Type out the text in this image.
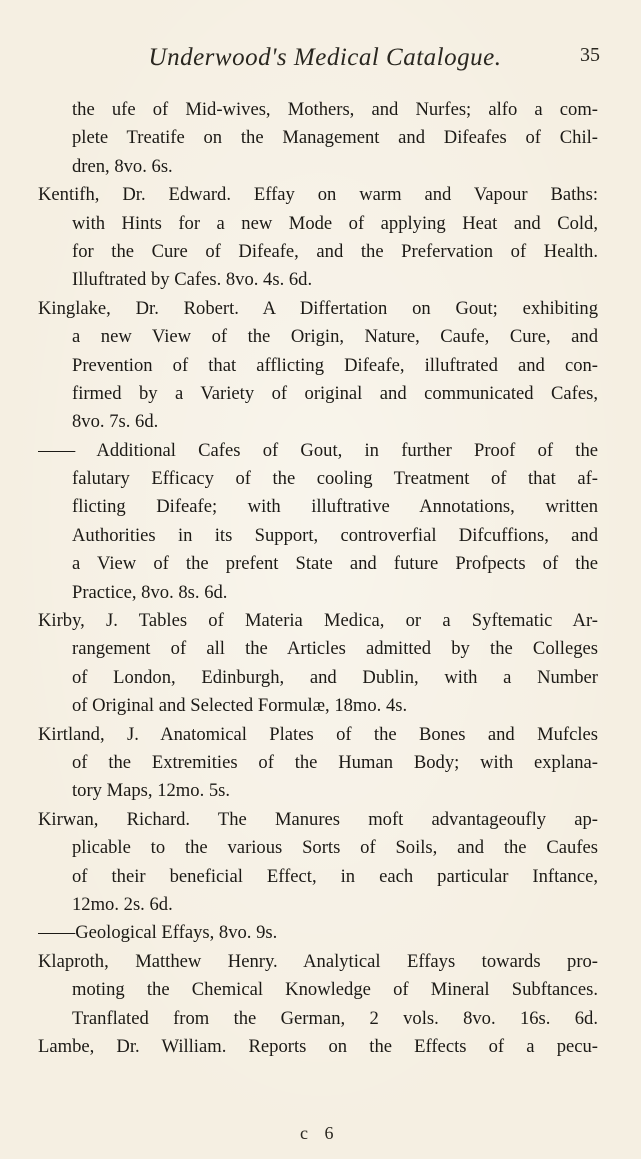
Underwood's Medical Catalogue.	35
the ufe of Mid-wives, Mothers, and Nurfes; alfo a com-
plete Treatife on the Management and Difeafes of Chil-
dren, 8vo. 6s.
Kentifh, Dr. Edward. Effay on warm and Vapour Baths:
with Hints for a new Mode of applying Heat and Cold,
for the Cure of Difeafe, and the Prefervation of Health.
Illuftrated by Cafes. 8vo. 4s. 6d.
Kinglake, Dr. Robert. A Differtation on Gout; exhibiting
a new View of the Origin, Nature, Caufe, Cure, and
Prevention of that afflicting Difeafe, illuftrated and con-
firmed by a Variety of original and communicated Cafes,
8vo. 7s. 6d.
—— Additional Cafes of Gout, in further Proof of the
falutary Efficacy of the cooling Treatment of that af-
flicting Difeafe; with illuftrative Annotations, written
Authorities in its Support, controverfial Difcuffions, and
a View of the prefent State and future Profpects of the
Practice, 8vo. 8s. 6d.
Kirby, J. Tables of Materia Medica, or a Syftematic Ar-
rangement of all the Articles admitted by the Colleges
of London, Edinburgh, and Dublin, with a Number
of Original and Selected Formulæ, 18mo. 4s.
Kirtland, J. Anatomical Plates of the Bones and Mufcles
of the Extremities of the Human Body; with explana-
tory Maps, 12mo. 5s.
Kirwan, Richard. The Manures moft advantageoufly ap-
plicable to the various Sorts of Soils, and the Caufes
of their beneficial Effect, in each particular Inftance,
12mo. 2s. 6d.
——Geological Effays, 8vo. 9s.
Klaproth, Matthew Henry. Analytical Effays towards pro-
moting the Chemical Knowledge of Mineral Subftances.
Tranflated from the German, 2 vols. 8vo. 16s. 6d.
Lambe, Dr. William. Reports on the Effects of a pecu-
c 6
